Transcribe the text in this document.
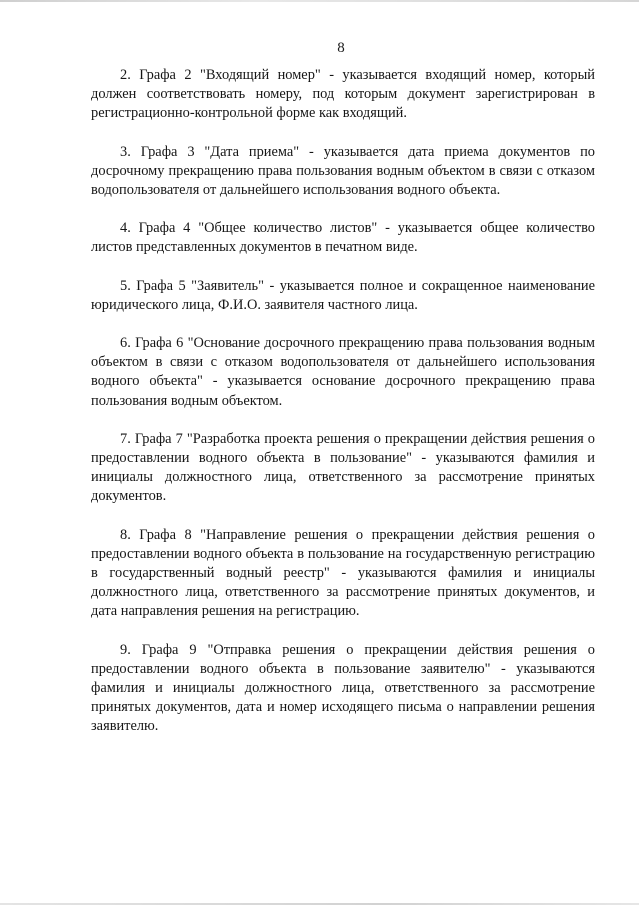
8

2. Графа 2 "Входящий номер" - указывается входящий номер, который должен соответствовать номеру, под которым документ зарегистрирован в регистрационно-контрольной форме как входящий.

3. Графа 3 "Дата приема" - указывается дата приема документов по досрочному прекращению права пользования водным объектом в связи с отказом водопользователя от дальнейшего использования водного объекта.

4. Графа 4 "Общее количество листов" - указывается общее количество листов представленных документов в печатном виде.

5. Графа 5 "Заявитель" - указывается полное и сокращенное наименование юридического лица, Ф.И.О. заявителя частного лица.

6. Графа 6 "Основание досрочного прекращению права пользования водным объектом в связи с отказом водопользователя от дальнейшего использования водного объекта" - указывается основание досрочного прекращению права пользования водным объектом.

7. Графа 7 "Разработка проекта решения о прекращении действия решения о предоставлении водного объекта в пользование" - указываются фамилия и инициалы должностного лица, ответственного за рассмотрение принятых документов.

8. Графа 8 "Направление решения о прекращении действия решения о предоставлении водного объекта в пользование на государственную регистрацию в государственный водный реестр" - указываются фамилия и инициалы должностного лица, ответственного за рассмотрение принятых документов, и дата направления решения на регистрацию.

9. Графа 9 "Отправка решения о прекращении действия решения о предоставлении водного объекта в пользование заявителю" - указываются фамилия и инициалы должностного лица, ответственного за рассмотрение принятых документов, дата и номер исходящего письма о направлении решения заявителю.
